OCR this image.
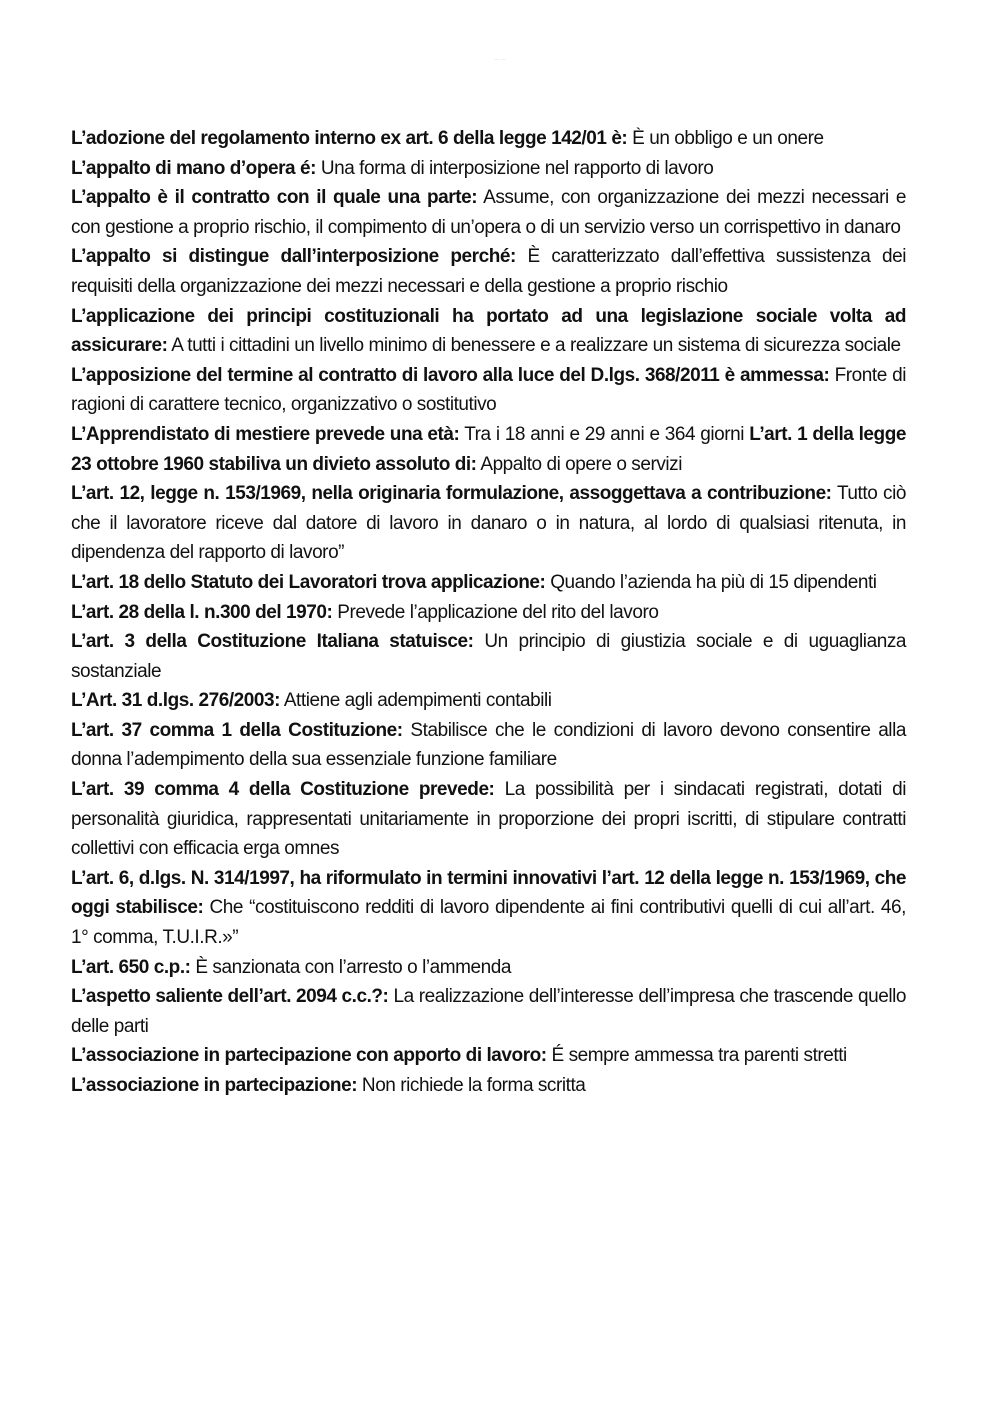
— · · —

L’adozione del regolamento interno ex art. 6 della legge 142/01 è: È un obbligo e un onere

L’appalto di mano d’opera é: Una forma di interposizione nel rapporto di lavoro

L’appalto è il contratto con il quale una parte: Assume, con organizzazione dei mezzi necessari e con gestione a proprio rischio, il compimento di un’opera o di un servizio verso un corrispettivo in danaro

L’appalto si distingue dall’interposizione perché: È caratterizzato dall’effettiva sussistenza dei requisiti della organizzazione dei mezzi necessari e della gestione a proprio rischio

L’applicazione dei principi costituzionali ha portato ad una legislazione sociale volta ad assicurare: A tutti i cittadini un livello minimo di benessere e a realizzare un sistema di sicurezza sociale

L’apposizione del termine al contratto di lavoro alla luce del D.lgs. 368/2011 è ammessa: Fronte di ragioni di carattere tecnico, organizzativo o sostitutivo

L’Apprendistato di mestiere prevede una età: Tra i 18 anni e 29 anni e 364 giorni L’art. 1 della legge 23 ottobre 1960 stabiliva un divieto assoluto di: Appalto di opere o servizi

L’art. 12, legge n. 153/1969, nella originaria formulazione, assoggettava a contribuzione: Tutto ciò che il lavoratore riceve dal datore di lavoro in danaro o in natura, al lordo di qualsiasi ritenuta, in dipendenza del rapporto di lavoro”

L’art. 18 dello Statuto dei Lavoratori trova applicazione: Quando l’azienda ha più di 15 dipendenti

L’art. 28 della l. n.300 del 1970: Prevede l’applicazione del rito del lavoro

L’art. 3 della Costituzione Italiana statuisce: Un principio di giustizia sociale e di uguaglianza sostanziale

L’Art. 31 d.lgs. 276/2003: Attiene agli adempimenti contabili

L’art. 37 comma 1 della Costituzione: Stabilisce che le condizioni di lavoro devono consentire alla donna l’adempimento della sua essenziale funzione familiare

L’art. 39 comma 4 della Costituzione prevede: La possibilità per i sindacati registrati, dotati di personalità giuridica, rappresentati unitariamente in proporzione dei propri iscritti, di stipulare contratti collettivi con efficacia erga omnes

L’art. 6, d.lgs. N. 314/1997, ha riformulato in termini innovativi l’art. 12 della legge n. 153/1969, che oggi stabilisce: Che “costituiscono redditi di lavoro dipendente ai fini contributivi quelli di cui all’art. 46, 1° comma, T.U.I.R.»”

L’art. 650 c.p.: È sanzionata con l’arresto o l’ammenda

L’aspetto saliente dell’art. 2094 c.c.?: La realizzazione dell’interesse dell’impresa che trascende quello delle parti

L’associazione in partecipazione con apporto di lavoro: É sempre ammessa tra parenti stretti

L’associazione in partecipazione: Non richiede la forma scritta
